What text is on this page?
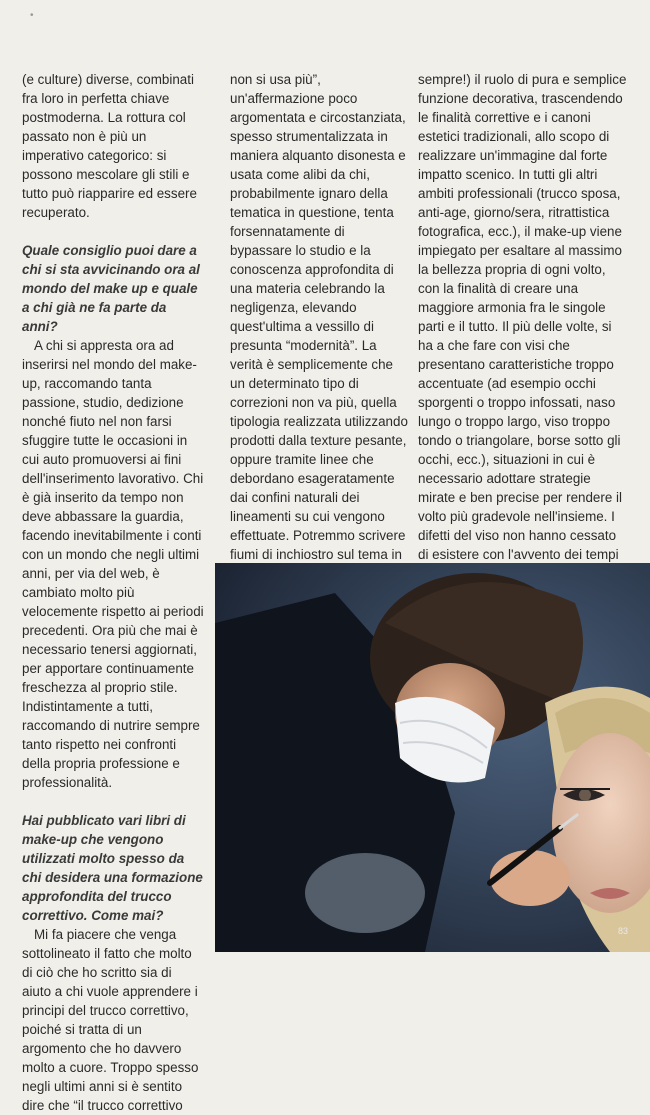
•

(e culture) diverse, combinati fra loro in perfetta chiave postmoderna. La rottura col passato non è più un imperativo categorico: si possono mescolare gli stili e tutto può riapparire ed essere recuperato.

Quale consiglio puoi dare a chi si sta avvicinando ora al mondo del make up e quale a chi già ne fa parte da anni?

A chi si appresta ora ad inserirsi nel mondo del make-up, raccomando tanta passione, studio, dedizione nonché fiuto nel non farsi sfuggire tutte le occasioni in cui auto promuoversi ai fini dell'inserimento lavorativo. Chi è già inserito da tempo non deve abbassare la guardia, facendo inevitabilmente i conti con un mondo che negli ultimi anni, per via del web, è cambiato molto più velocemente rispetto ai periodi precedenti. Ora più che mai è necessario tenersi aggiornati, per apportare continuamente freschezza al proprio stile. Indistintamente a tutti, raccomando di nutrire sempre tanto rispetto nei confronti della propria professione e professionalità.

Hai pubblicato vari libri di make-up che vengono utilizzati molto spesso da chi desidera una formazione approfondita del trucco correttivo. Come mai?

Mi fa piacere che venga sottolineato il fatto che molto di ciò che ho scritto sia di aiuto a chi vuole apprendere i principi del trucco correttivo, poiché si tratta di un argomento che ho davvero molto a cuore. Troppo spesso negli ultimi anni si è sentito dire che “il trucco correttivo

non si usa più”, un'affermazione poco argomentata e circostanziata, spesso strumentalizzata in maniera alquanto disonesta e usata come alibi da chi, probabilmente ignaro della tematica in questione, tenta forsennatamente di bypassare lo studio e la conoscenza approfondita di una materia celebrando la negligenza, elevando quest'ultima a vessillo di presunta “modernità”. La verità è semplicemente che un determinato tipo di correzioni non va più, quella tipologia realizzata utilizzando prodotti dalla texture pesante, oppure tramite linee che debordano esageratamente dai confini naturali dei lineamenti su cui vengono effettuate. Potremmo scrivere fiumi di inchiostro sul tema in

sempre!) il ruolo di pura e semplice funzione decorativa, trascendendo le finalità correttive e i canoni estetici tradizionali, allo scopo di realizzare un'immagine dal forte impatto scenico. In tutti gli altri ambiti professionali (trucco sposa, anti-age, giorno/sera, ritrattistica fotografica, ecc.), il make-up viene impiegato per esaltare al massimo la bellezza propria di ogni volto, con la finalità di creare una maggiore armonia fra le singole parti e il tutto. Il più delle volte, si ha a che fare con visi che presentano caratteristiche troppo accentuate (ad esempio occhi sporgenti o troppo infossati, naso lungo o troppo largo, viso troppo tondo o triangolare, borse sotto gli occhi, ecc.), situazioni in cui è necessario adottare strategie mirate e ben precise per rendere il volto più gradevole nell'insieme. I difetti del viso non hanno cessato di esistere con l'avvento dei tempi

83
